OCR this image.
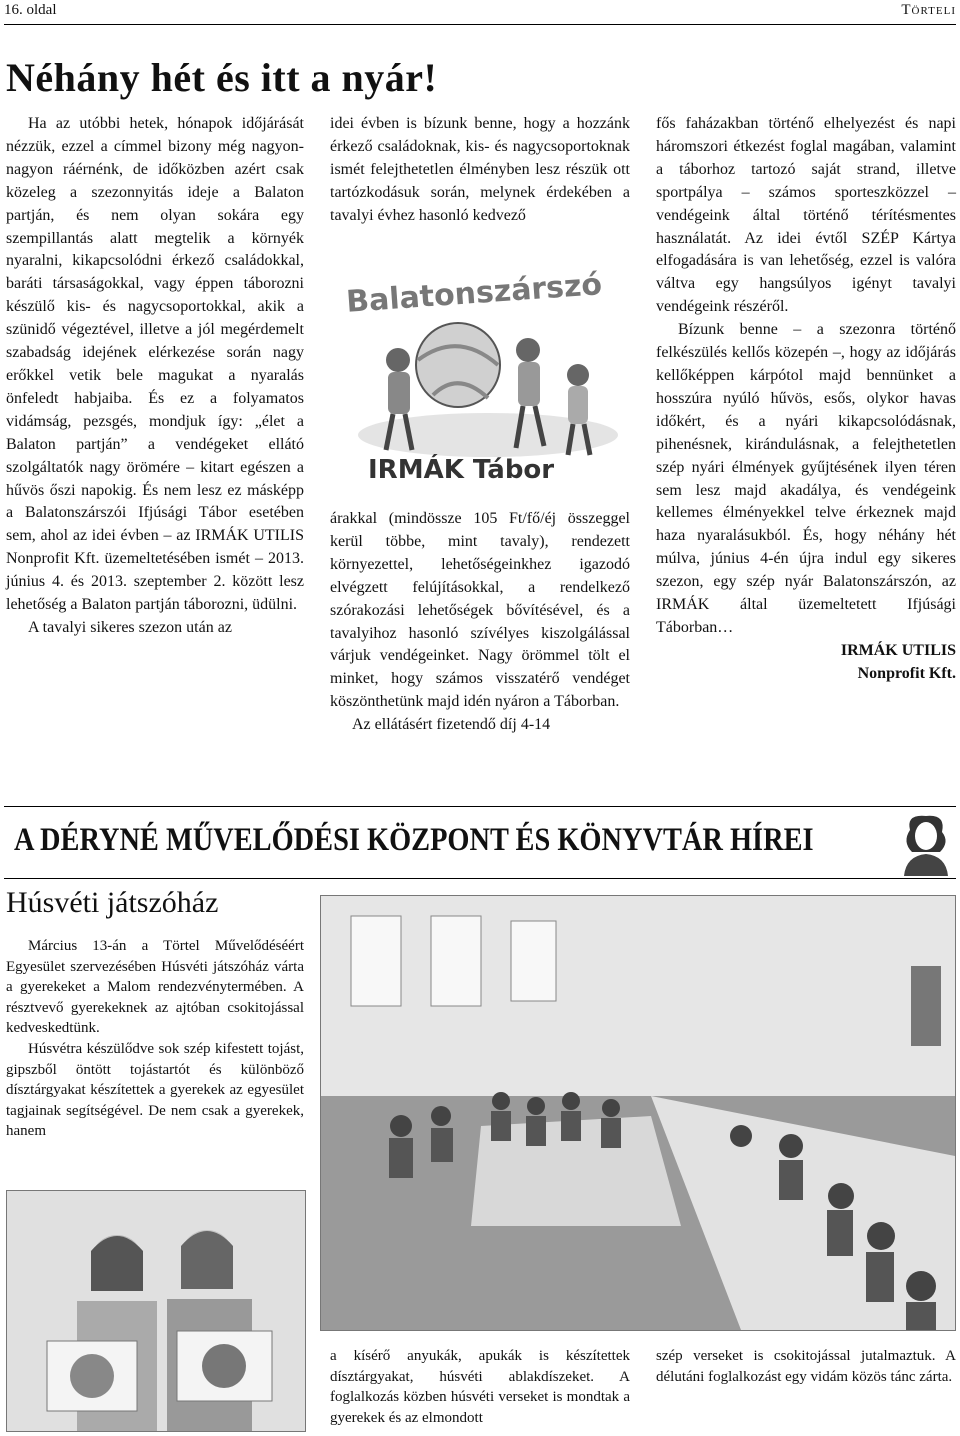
16. oldal	Törteli
Néhány hét és itt a nyár!

Ha az utóbbi hetek, hónapok időjárását nézzük, ezzel a címmel bizony még nagyon-nagyon ráérnénk, de időközben azért csak közeleg a szezonnyitás ideje a Balaton partján, és nem olyan sokára egy szempillantás alatt megtelik a környék nyaralni, kikapcsolódni érkező családokkal, baráti társaságokkal, vagy éppen táborozni készülő kis- és nagycsoportokkal, akik a szünidő végeztével, illetve a jól megérdemelt szabadság idejének elérkezése során nagy erőkkel vetik bele magukat a nyaralás önfeledt habjaiba. És ez a folyamatos vidámság, pezsgés, mondjuk így: „élet a Balaton partján” a vendégeket ellátó szolgáltatók nagy örömére – kitart egészen a hűvös őszi napokig. És nem lesz ez másképp a Balatonszárszói Ifjúsági Tábor esetében sem, ahol az idei évben – az IRMÁK UTILIS Nonprofit Kft. üzemeltetésében ismét – 2013. június 4. és 2013. szeptember 2. között lesz lehetőség a Balaton partján táborozni, üdülni.

A tavalyi sikeres szezon után az

idei évben is bízunk benne, hogy a hozzánk érkező családoknak, kis- és nagycsoportoknak ismét felejthetetlen élményben lesz részük ott tartózkodásuk során, melynek érdekében a tavalyi évhez hasonló kedvező

Balatonszárszó
IRMÁK Tábor

árakkal (mindössze 105 Ft/fő/éj összeggel kerül többe, mint tavaly), rendezett környezettel, lehetőségeinkhez igazodó elvégzett felújításokkal, a rendelkező szórakozási lehetőségek bővítésével, és a tavalyihoz hasonló szívélyes kiszolgálással várjuk vendégeinket. Nagy örömmel tölt el minket, hogy számos visszatérő vendéget köszönthetünk majd idén nyáron a Táborban.

Az ellátásért fizetendő díj 4-14

fős faházakban történő elhelyezést és napi háromszori étkezést foglal magában, valamint a táborhoz tartozó saját strand, illetve sportpálya – számos sporteszközzel – vendégeink által történő térítésmentes használatát. Az idei évtől SZÉP Kártya elfogadására is van lehetőség, ezzel is valóra váltva egy hangsúlyos igényt tavalyi vendégeink részéről.

Bízunk benne – a szezonra történő felkészülés kellős közepén –, hogy az időjárás kellőképpen kárpótol majd bennünket a hosszúra nyúló hűvös, esős, olykor havas időkért, és a nyári kikapcsolódásnak, pihenésnek, kirándulásnak, a felejthetetlen szép nyári élmények gyűjtésének ilyen téren sem lesz majd akadálya, és vendégeink kellemes élményekkel telve érkeznek majd haza nyaralásukból. És, hogy néhány hét múlva, június 4-én újra indul egy sikeres szezon, egy szép nyár Balatonszárszón, az IRMÁK által üzemeltetett Ifjúsági Táborban…

IRMÁK UTILIS

Nonprofit Kft.

A DÉRYNÉ MŰVELŐDÉSI KÖZPONT ÉS KÖNYVTÁR HÍREI
Húsvéti játszóház

Március 13-án a Törtel Művelődéséért Egyesület szervezésében Húsvéti játszóház várta a gyerekeket a Malom rendezvénytermében. A résztvevő gyerekeknek az ajtóban csokitojással kedveskedtünk.

Húsvétra készülődve sok szép kifestett tojást, gipszből öntött tojástartót és különböző dísztárgyakat készítettek a gyerekek az egyesület tagjainak segítségével. De nem csak a gyerekek, hanem

a kísérő anyukák, apukák is készítettek dísztárgyakat, húsvéti ablakdíszeket. A foglalkozás közben húsvéti verseket is mondtak a gyerekek és az elmondott

szép verseket is csokitojással jutalmaztuk. A délutáni foglalkozást egy vidám közös tánc zárta.
